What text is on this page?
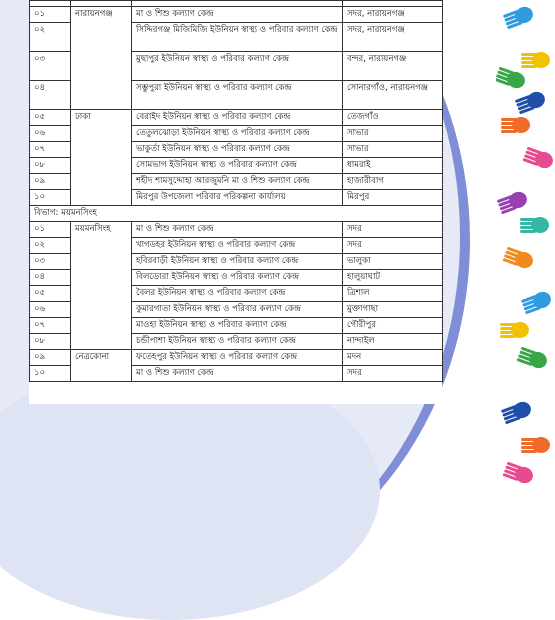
০১	নারায়নগঞ্জ	মা ও শিশু কল্যাণ কেন্দ্র	সদর, নারায়নগঞ্জ
০২		সিদ্দিরগঞ্জ মিজিমিজি ইউনিয়ন স্বাস্থ্য ও পরিবার কল্যাণ কেন্দ্র	সদর, নারায়নগঞ্জ
০৩		মুছাপুর ইউনিয়ন স্বাস্থ্য ও পরিবার কল্যাণ কেন্দ্র	বন্দর, নারায়নগঞ্জ
০৪		সম্ভুপুরা ইউনিয়ন স্বাস্থ্য ও পরিবার কল্যাণ কেন্দ্র	সোনারগাঁও, নারায়নগঞ্জ
০৫	ঢাকা	বেরাইদ ইউনিয়ন স্বাস্থ্য ও পরিবার কল্যাণ কেন্দ্র	তেজগাঁও
০৬		তেতুলঝোড়া ইউনিয়ন স্বাস্থ্য ও পরিবার কল্যাণ কেন্দ্র	সাভার
০৭		ভাকুর্তা ইউনিয়ন স্বাস্থ্য ও পরিবার কল্যাণ কেন্দ্র	সাভার
০৮		সোমভাগ ইউনিয়ন স্বাস্থ্য ও পরিবার কল্যাণ কেন্দ্র	ধামরাই
০৯		শহীদ শামসুদ্দোহা আরজুমনি মা ও শিশু কল্যাণ কেন্দ্র	হাজারীবাগ
১০		মিরপুর উপজেলা পরিবার পরিকল্পনা কার্যালয়	মিরপুর
বিভাগ: ময়মনসিংহ			
০১	ময়মনসিংহ	মা ও শিশু কল্যাণ কেন্দ্র	সদর
০২		খাগডহর ইউনিয়ন স্বাস্থ্য ও পরিবার কল্যাণ কেন্দ্র	সদর
০৩		হবিরবাড়ী ইউনিয়ন স্বাস্থ্য ও পরিবার কল্যাণ কেন্দ্র	ভালুকা
০৪		বিলডোরা ইউনিয়ন স্বাস্থ্য ও পরিবার কল্যাণ কেন্দ্র	হালুয়াঘাট
০৫		বৈলর ইউনিয়ন স্বাস্থ্য ও পরিবার কল্যাণ কেন্দ্র	ত্রিশাল
০৬		কুমারগাতা ইউনিয়ন স্বাস্থ্য ও পরিবার কল্যাণ কেন্দ্র	মুক্তাগাছা
০৭		মাওহা ইউনিয়ন স্বাস্থ্য ও পরিবার কল্যাণ কেন্দ্র	গৌরীপুর
০৮		চন্ডীপাশা ইউনিয়ন স্বাস্থ্য ও পরিবার কল্যাণ কেন্দ্র	নান্দাইল
০৯	নেত্রকোনা	ফতেহপুর ইউনিয়ন স্বাস্থ্য ও পরিবার কল্যাণ কেন্দ্র	মদন
১০		মা ও শিশু কল্যাণ কেন্দ্র	সদর
